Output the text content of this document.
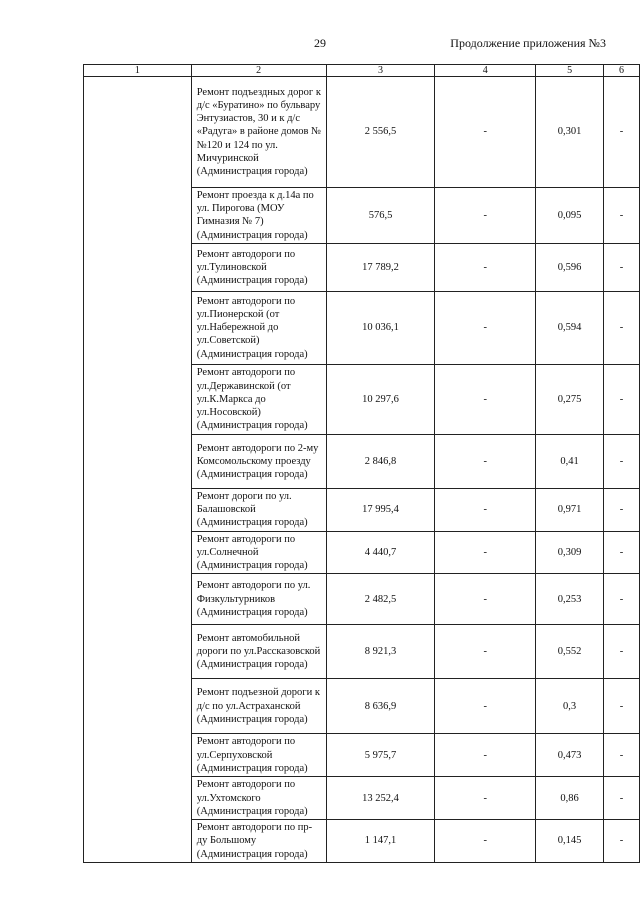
29	Продолжение приложения №3
1	2	3	4	5	6
	Ремонт подъездных дорог к д/с «Буратино» по бульвару Энтузиастов, 30 и к д/с «Радуга» в районе домов №№120 и 124 по ул. Мичуринской (Администрация города)	2 556,5	-	0,301	-
	Ремонт проезда к д.14а по ул. Пирогова (МОУ Гимназия № 7) (Администрация города)	576,5	-	0,095	-
	Ремонт автодороги по ул.Тулиновской (Администрация города)	17 789,2	-	0,596	-
	Ремонт автодороги по ул.Пионерской (от ул.Набережной до ул.Советской) (Администрация города)	10 036,1	-	0,594	-
	Ремонт автодороги по ул.Державинской (от ул.К.Маркса до ул.Носовской) (Администрация города)	10 297,6	-	0,275	-
	Ремонт автодороги по 2-му Комсомольскому проезду (Администрация города)	2 846,8	-	0,41	-
	Ремонт дороги по ул. Балашовской (Администрация города)	17 995,4	-	0,971	-
	Ремонт автодороги по ул.Солнечной (Администрация города)	4 440,7	-	0,309	-
	Ремонт автодороги по ул. Физкультурников (Администрация города)	2 482,5	-	0,253	-
	Ремонт автомобильной дороги по ул.Рассказовской (Администрация города)	8 921,3	-	0,552	-
	Ремонт подъезной дороги к д/с по ул.Астраханской (Администрация города)	8 636,9	-	0,3	-
	Ремонт автодороги по ул.Серпуховской (Администрация города)	5 975,7	-	0,473	-
	Ремонт автодороги по ул.Ухтомского (Администрация города)	13 252,4	-	0,86	-
	Ремонт автодороги по пр-ду Большому (Администрация города)	1 147,1	-	0,145	-
